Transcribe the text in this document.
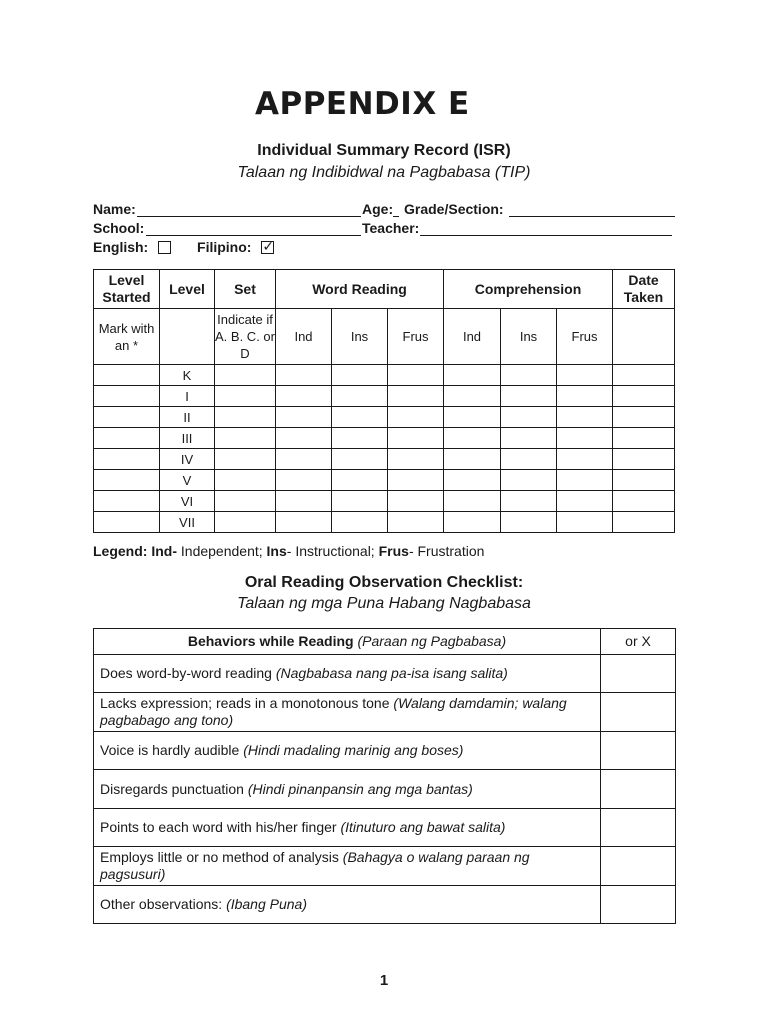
APPENDIX E
Individual Summary Record (ISR)
Talaan ng Indibidwal na Pagbabasa (TIP)
Name:	Age: Grade/Section:
School:	Teacher:
English:	Filipino: ✓
Level Started	Level	Set	Word Reading			Comprehension			Date Taken
Mark with an *		Indicate if A. B. C. or D	Ind	Ins	Frus	Ind	Ins	Frus	
	K								
	I								
	II								
	III								
	IV								
	V								
	VI								
	VII								
Legend: Ind- Independent; Ins- Instructional; Frus- Frustration
Oral Reading Observation Checklist:
Talaan ng mga Puna Habang Nagbabasa
Behaviors while Reading (Paraan ng Pagbabasa)	or X
Does word-by-word reading (Nagbabasa nang pa-isa isang salita)	
Lacks expression; reads in a monotonous tone (Walang damdamin; walang pagbabago ang tono)	
Voice is hardly audible (Hindi madaling marinig ang boses)	
Disregards punctuation (Hindi pinanpansin ang mga bantas)	
Points to each word with his/her finger (Itinuturo ang bawat salita)	
Employs little or no method of analysis (Bahagya o walang paraan ng pagsusuri)	
Other observations: (Ibang Puna)	
1
